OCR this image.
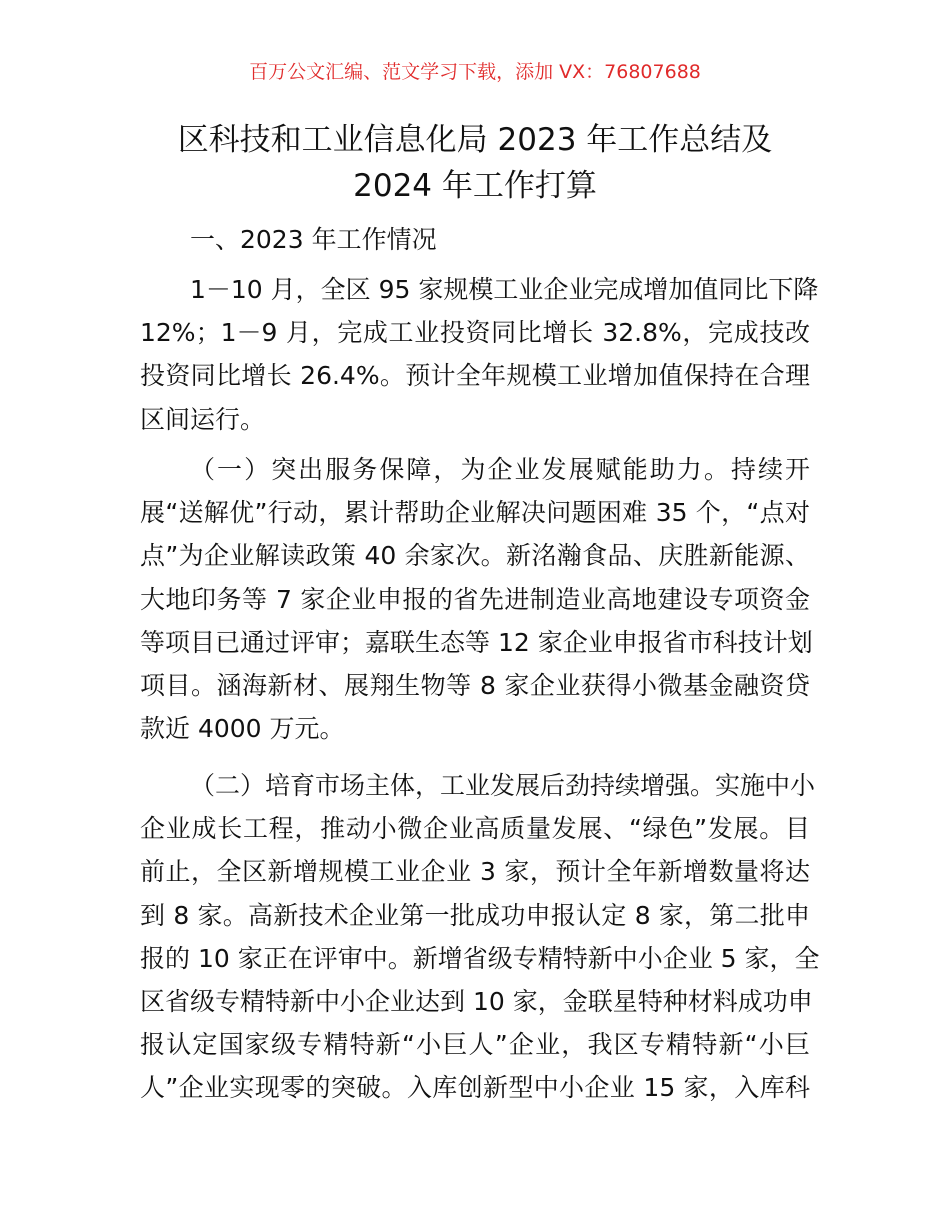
百万公文汇编、范文学习下载，添加 VX：76807688
区科技和工业信息化局 2023 年工作总结及
2024 年工作打算
一、2023 年工作情况
1－10 月，全区 95 家规模工业企业完成增加值同比下降
12%；1－9 月，完成工业投资同比增长 32.8%，完成技改
投资同比增长 26.4%。预计全年规模工业增加值保持在合理
区间运行。
（一）突出服务保障，为企业发展赋能助力。持续开
展“送解优”行动，累计帮助企业解决问题困难 35 个，“点对
点”为企业解读政策 40 余家次。新洺瀚食品、庆胜新能源、
大地印务等 7 家企业申报的省先进制造业高地建设专项资金
等项目已通过评审；嘉联生态等 12 家企业申报省市科技计划
项目。涵海新材、展翔生物等 8 家企业获得小微基金融资贷
款近 4000 万元。
（二）培育市场主体，工业发展后劲持续增强。实施中小
企业成长工程，推动小微企业高质量发展、“绿色”发展。目
前止，全区新增规模工业企业 3 家，预计全年新增数量将达
到 8 家。高新技术企业第一批成功申报认定 8 家，第二批申
报的 10 家正在评审中。新增省级专精特新中小企业 5 家，全
区省级专精特新中小企业达到 10 家，金联星特种材料成功申
报认定国家级专精特新“小巨人”企业，我区专精特新“小巨
人”企业实现零的突破。入库创新型中小企业 15 家，入库科
